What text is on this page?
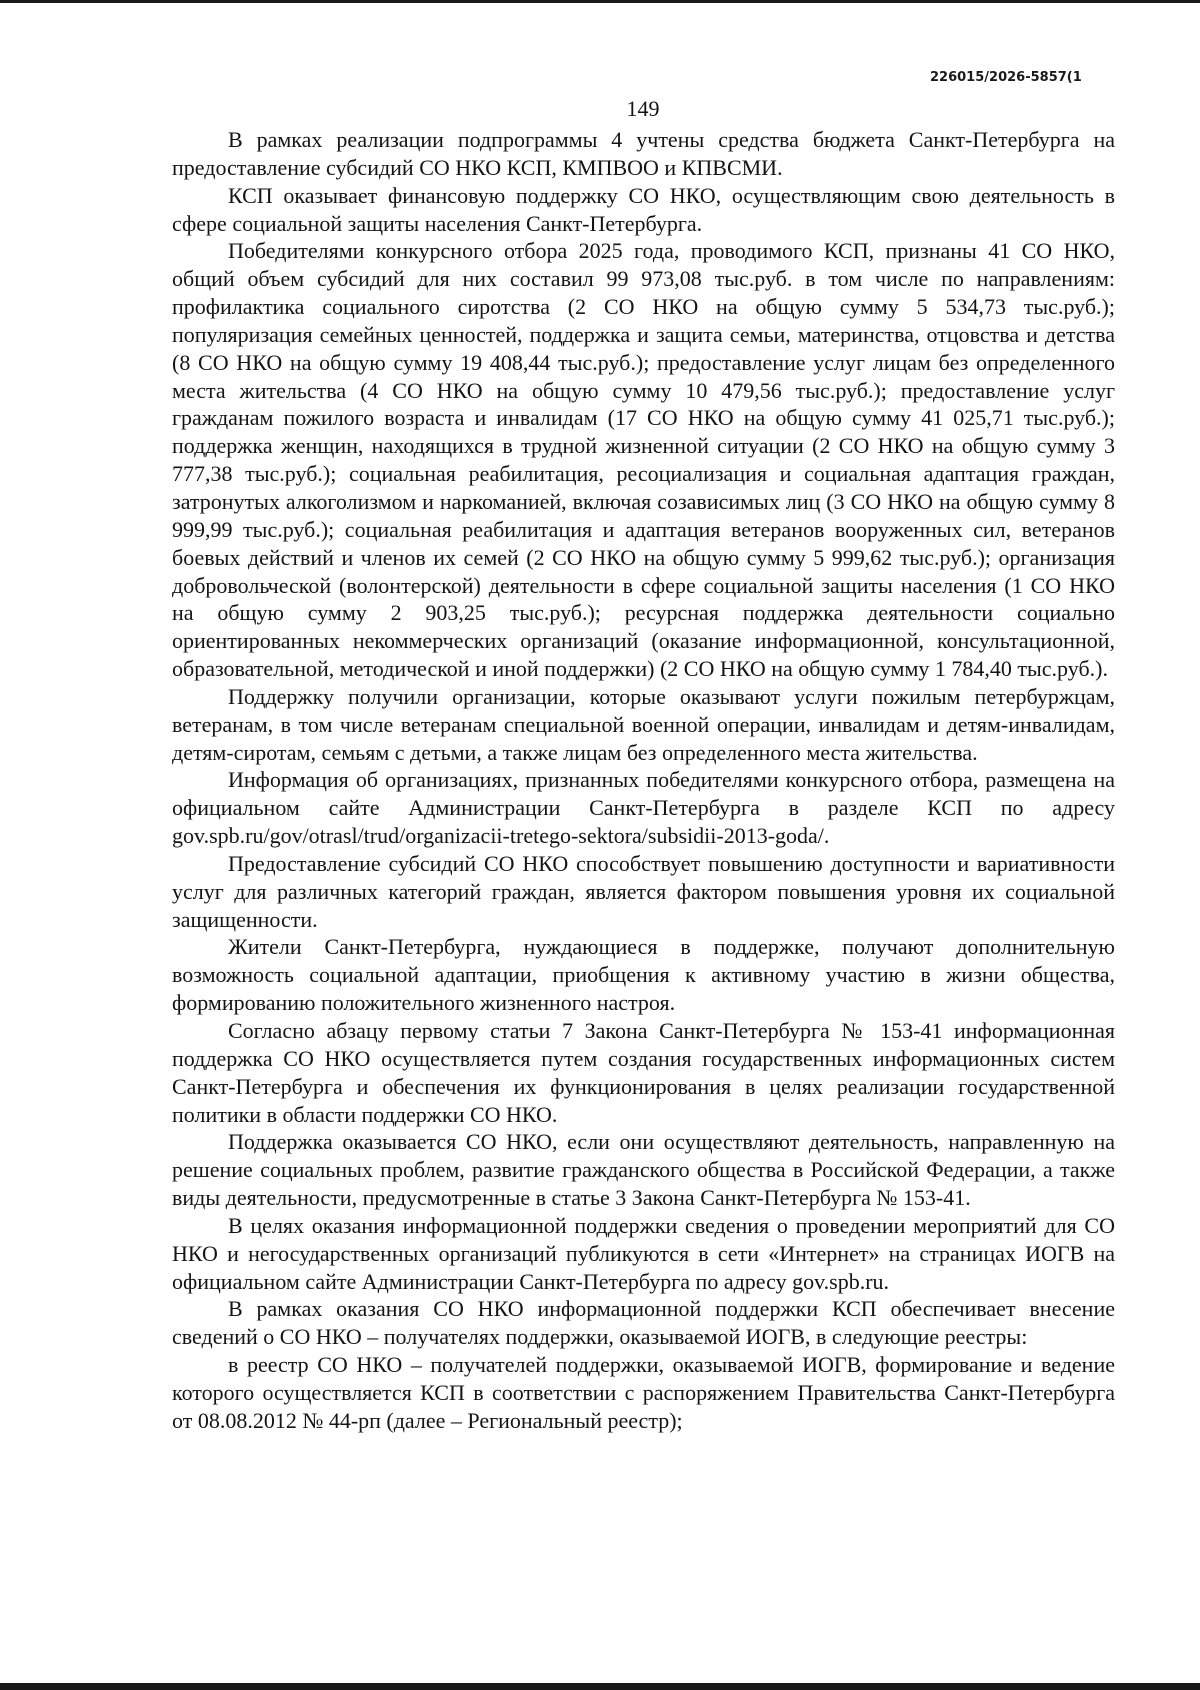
226015/2026-5857(1
149

В рамках реализации подпрограммы 4 учтены средства бюджета Санкт-Петербурга на предоставление субсидий СО НКО КСП, КМПВОО и КПВСМИ.

КСП оказывает финансовую поддержку СО НКО, осуществляющим свою деятельность в сфере социальной защиты населения Санкт-Петербурга.

Победителями конкурсного отбора 2025 года, проводимого КСП, признаны 41 СО НКО, общий объем субсидий для них составил 99 973,08 тыс.руб. в том числе по направлениям: профилактика социального сиротства (2 СО НКО на общую сумму 5 534,73 тыс.руб.); популяризация семейных ценностей, поддержка и защита семьи, материнства, отцовства и детства (8 СО НКО на общую сумму 19 408,44 тыс.руб.); предоставление услуг лицам без определенного места жительства (4 СО НКО на общую сумму 10 479,56 тыс.руб.); предоставление услуг гражданам пожилого возраста и инвалидам (17 СО НКО на общую сумму 41 025,71 тыс.руб.); поддержка женщин, находящихся в трудной жизненной ситуации (2 СО НКО на общую сумму 3 777,38 тыс.руб.); социальная реабилитация, ресоциализация и социальная адаптация граждан, затронутых алкоголизмом и наркоманией, включая созависимых лиц (3 СО НКО на общую сумму 8 999,99 тыс.руб.); социальная реабилитация и адаптация ветеранов вооруженных сил, ветеранов боевых действий и членов их семей (2 СО НКО на общую сумму 5 999,62 тыс.руб.); организация добровольческой (волонтерской) деятельности в сфере социальной защиты населения (1 СО НКО на общую сумму 2 903,25 тыс.руб.); ресурсная поддержка деятельности социально ориентированных некоммерческих организаций (оказание информационной, консультационной, образовательной, методической и иной поддержки) (2 СО НКО на общую сумму 1 784,40 тыс.руб.).

Поддержку получили организации, которые оказывают услуги пожилым петербуржцам, ветеранам, в том числе ветеранам специальной военной операции, инвалидам и детям-инвалидам, детям-сиротам, семьям с детьми, а также лицам без определенного места жительства.

Информация об организациях, признанных победителями конкурсного отбора, размещена на официальном сайте Администрации Санкт-Петербурга в разделе КСП по адресу gov.spb.ru/gov/otrasl/trud/organizacii-tretego-sektora/subsidii-2013-goda/.

Предоставление субсидий СО НКО способствует повышению доступности и вариативности услуг для различных категорий граждан, является фактором повышения уровня их социальной защищенности.

Жители Санкт-Петербурга, нуждающиеся в поддержке, получают дополнительную возможность социальной адаптации, приобщения к активному участию в жизни общества, формированию положительного жизненного настроя.

Согласно абзацу первому статьи 7 Закона Санкт-Петербурга № 153-41 информационная поддержка СО НКО осуществляется путем создания государственных информационных систем Санкт-Петербурга и обеспечения их функционирования в целях реализации государственной политики в области поддержки СО НКО.

Поддержка оказывается СО НКО, если они осуществляют деятельность, направленную на решение социальных проблем, развитие гражданского общества в Российской Федерации, а также виды деятельности, предусмотренные в статье 3 Закона Санкт-Петербурга № 153-41.

В целях оказания информационной поддержки сведения о проведении мероприятий для СО НКО и негосударственных организаций публикуются в сети «Интернет» на страницах ИОГВ на официальном сайте Администрации Санкт-Петербурга по адресу gov.spb.ru.

В рамках оказания СО НКО информационной поддержки КСП обеспечивает внесение сведений о СО НКО – получателях поддержки, оказываемой ИОГВ, в следующие реестры:

в реестр СО НКО – получателей поддержки, оказываемой ИОГВ, формирование и ведение которого осуществляется КСП в соответствии с распоряжением Правительства Санкт-Петербурга от 08.08.2012 № 44-рп (далее – Региональный реестр);
